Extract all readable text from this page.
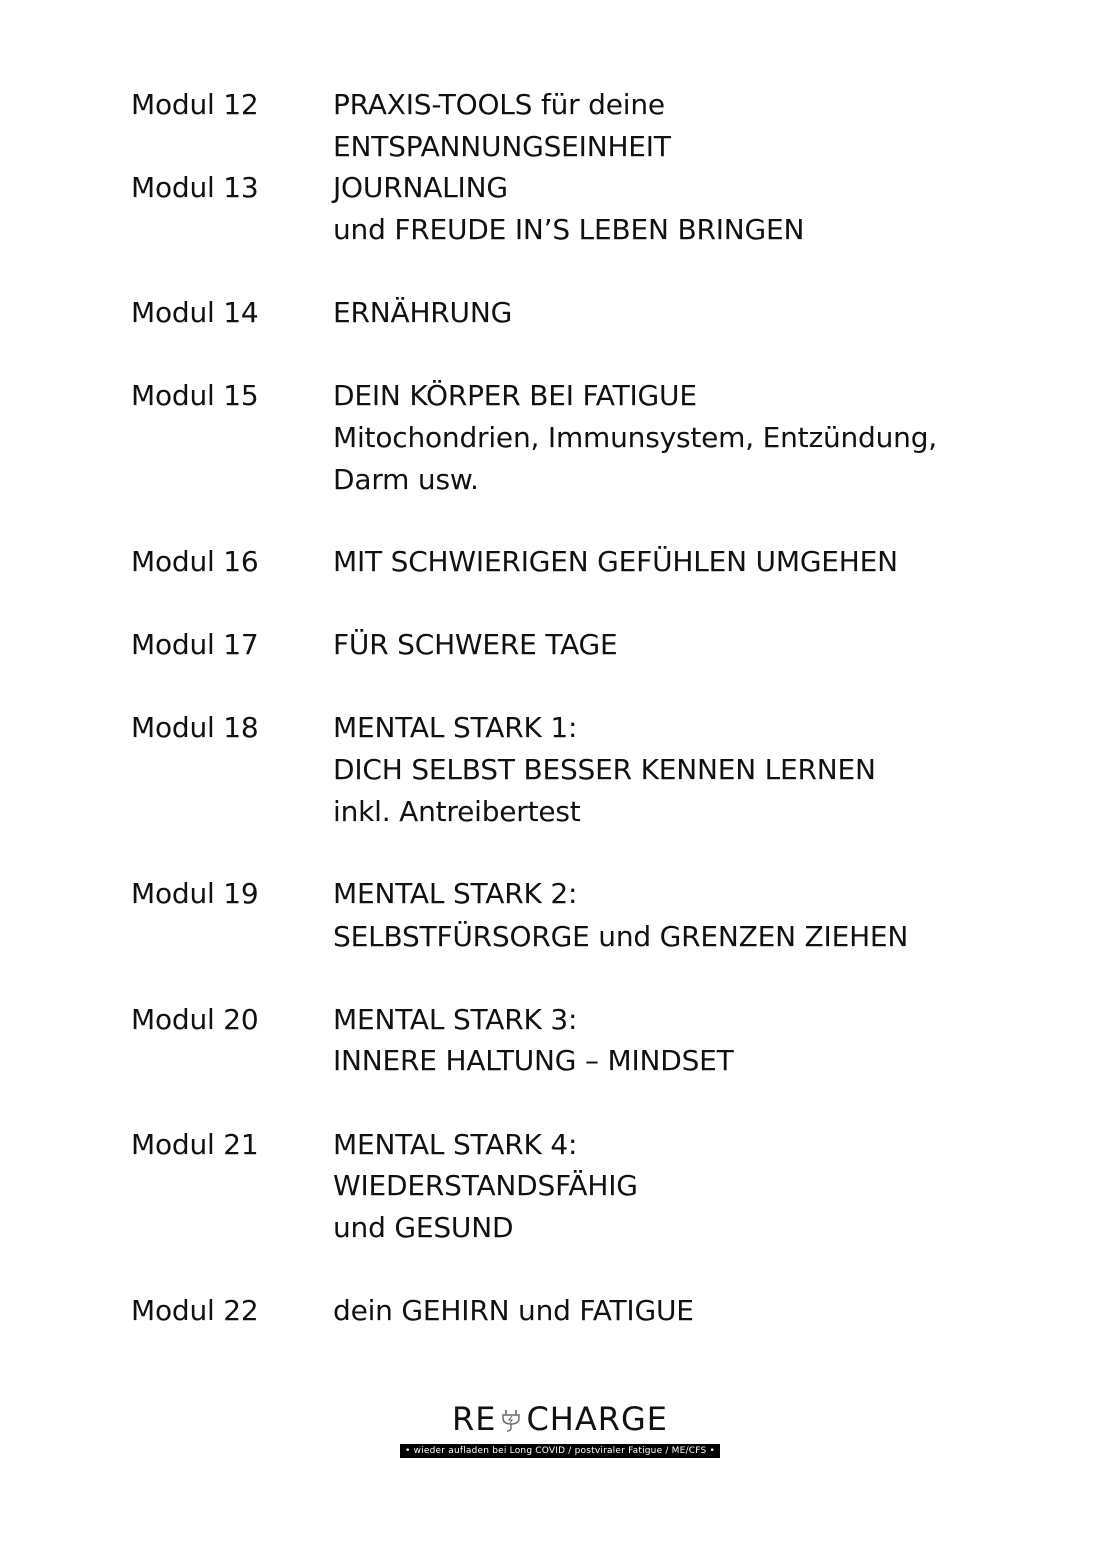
Modul 12	PRAXIS-TOOLS für deine
ENTSPANNUNGSEINHEIT
Modul 13	JOURNALING
und FREUDE IN’S LEBEN BRINGEN
Modul 14	ERNÄHRUNG
Modul 15	DEIN KÖRPER BEI FATIGUE
Mitochondrien, Immunsystem, Entzündung,
Darm usw.
Modul 16	MIT SCHWIERIGEN GEFÜHLEN UMGEHEN
Modul 17	FÜR SCHWERE TAGE
Modul 18	MENTAL STARK 1:
DICH SELBST BESSER KENNEN LERNEN
inkl. Antreibertest
Modul 19	MENTAL STARK 2:
SELBSTFÜRSORGE und GRENZEN ZIEHEN
Modul 20	MENTAL STARK 3:
INNERE HALTUNG – MINDSET
Modul 21	MENTAL STARK 4:
WIEDERSTANDSFÄHIG
und GESUND
Modul 22	dein GEHIRN und FATIGUE
RE CHARGE

• wieder aufladen bei Long COVID / postviraler Fatigue / ME/CFS •
